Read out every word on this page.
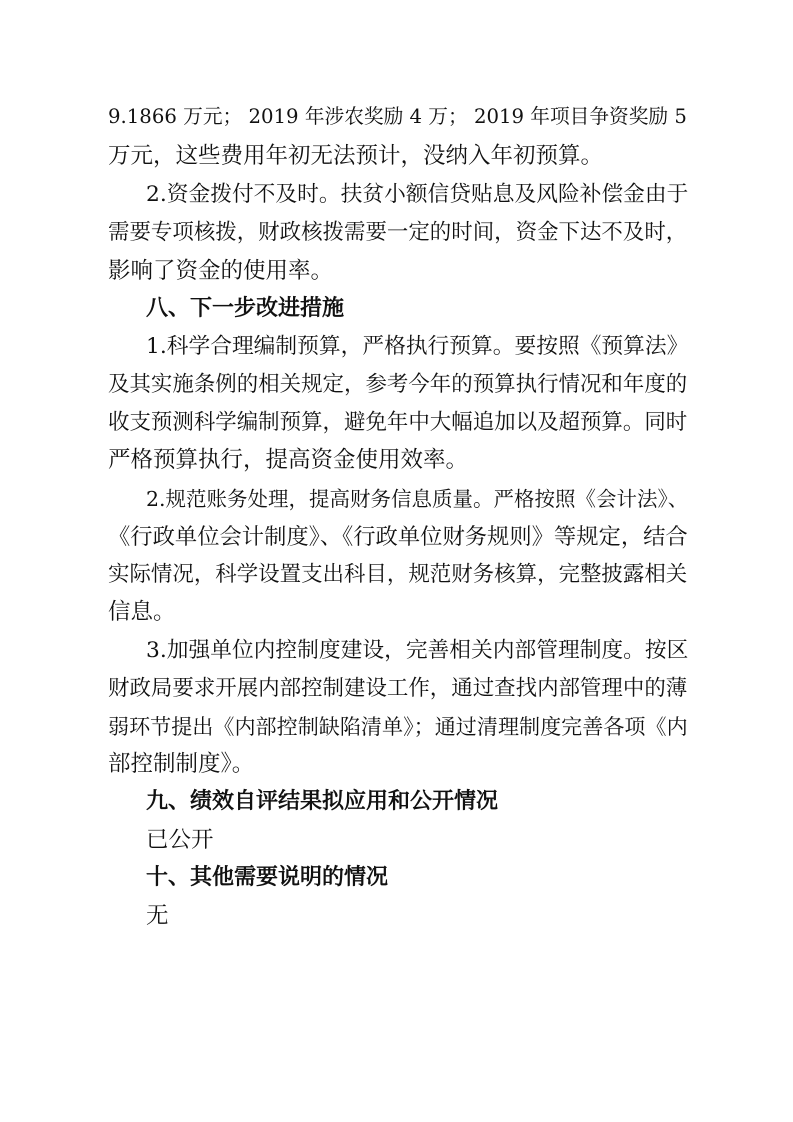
9.1866 万元； 2019 年涉农奖励 4 万； 2019 年项目争资奖励 5
万元，这些费用年初无法预计，没纳入年初预算。
2.资金拨付不及时。扶贫小额信贷贴息及风险补偿金由于
需要专项核拨，财政核拨需要一定的时间，资金下达不及时，
影响了资金的使用率。
八、下一步改进措施
1.科学合理编制预算，严格执行预算。要按照《预算法》
及其实施条例的相关规定，参考今年的预算执行情况和年度的
收支预测科学编制预算，避免年中大幅追加以及超预算。同时
严格预算执行，提高资金使用效率。
2.规范账务处理，提高财务信息质量。严格按照《会计法》、
《行政单位会计制度》、《行政单位财务规则》等规定，结合
实际情况，科学设置支出科目，规范财务核算，完整披露相关
信息。
3.加强单位内控制度建设，完善相关内部管理制度。按区
财政局要求开展内部控制建设工作，通过查找内部管理中的薄
弱环节提出《内部控制缺陷清单》；通过清理制度完善各项《内
部控制制度》。
九、绩效自评结果拟应用和公开情况
已公开
十、其他需要说明的情况
无
